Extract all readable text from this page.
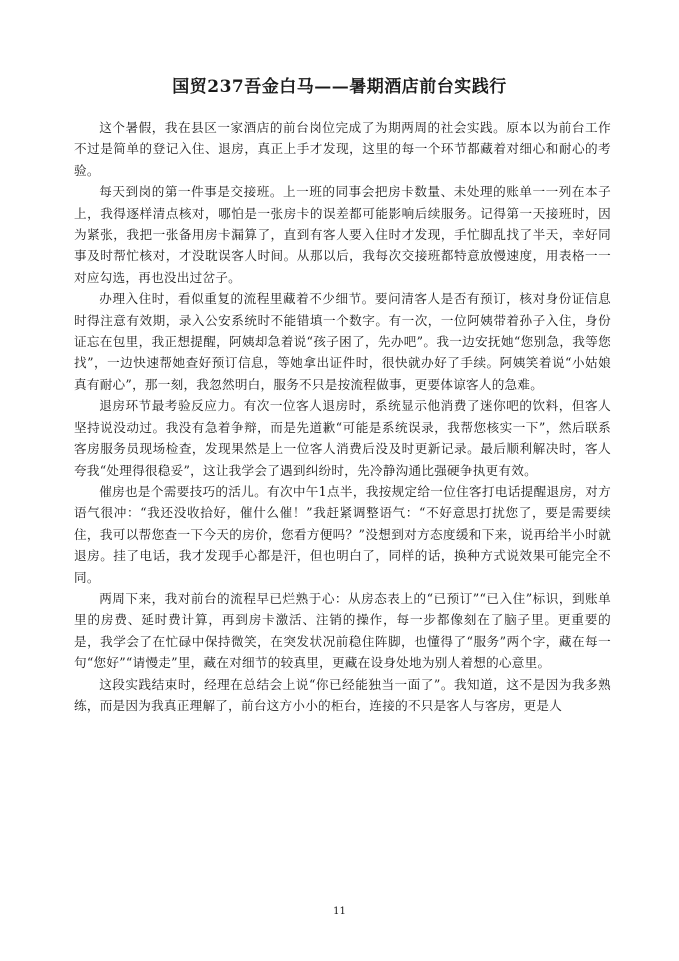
国贸237吾金白马——暑期酒店前台实践行

这个暑假，我在县区一家酒店的前台岗位完成了为期两周的社会实践。原本以为前台工作不过是简单的登记入住、退房，真正上手才发现，这里的每一个环节都藏着对细心和耐心的考验。

每天到岗的第一件事是交接班。上一班的同事会把房卡数量、未处理的账单一一列在本子上，我得逐样清点核对，哪怕是一张房卡的误差都可能影响后续服务。记得第一天接班时，因为紧张，我把一张备用房卡漏算了，直到有客人要入住时才发现，手忙脚乱找了半天，幸好同事及时帮忙核对，才没耽误客人时间。从那以后，我每次交接班都特意放慢速度，用表格一一对应勾选，再也没出过岔子。

办理入住时，看似重复的流程里藏着不少细节。要问清客人是否有预订，核对身份证信息时得注意有效期，录入公安系统时不能错填一个数字。有一次，一位阿姨带着孙子入住，身份证忘在包里，我正想提醒，阿姨却急着说“孩子困了，先办吧”。我一边安抚她“您别急，我等您找”，一边快速帮她查好预订信息，等她拿出证件时，很快就办好了手续。阿姨笑着说“小姑娘真有耐心”，那一刻，我忽然明白，服务不只是按流程做事，更要体谅客人的急难。

退房环节最考验反应力。有次一位客人退房时，系统显示他消费了迷你吧的饮料，但客人坚持说没动过。我没有急着争辩，而是先道歉“可能是系统误录，我帮您核实一下”，然后联系客房服务员现场检查，发现果然是上一位客人消费后没及时更新记录。最后顺利解决时，客人夸我“处理得很稳妥”，这让我学会了遇到纠纷时，先冷静沟通比强硬争执更有效。

催房也是个需要技巧的活儿。有次中午1点半，我按规定给一位住客打电话提醒退房，对方语气很冲：“我还没收拾好，催什么催！”我赶紧调整语气：“不好意思打扰您了，要是需要续住，我可以帮您查一下今天的房价，您看方便吗？”没想到对方态度缓和下来，说再给半小时就退房。挂了电话，我才发现手心都是汗，但也明白了，同样的话，换种方式说效果可能完全不同。

两周下来，我对前台的流程早已烂熟于心：从房态表上的“已预订”“已入住”标识，到账单里的房费、延时费计算，再到房卡激活、注销的操作，每一步都像刻在了脑子里。更重要的是，我学会了在忙碌中保持微笑，在突发状况前稳住阵脚，也懂得了“服务”两个字，藏在每一句“您好”“请慢走”里，藏在对细节的较真里，更藏在设身处地为别人着想的心意里。

这段实践结束时，经理在总结会上说“你已经能独当一面了”。我知道，这不是因为我多熟练，而是因为我真正理解了，前台这方小小的柜台，连接的不只是客人与客房，更是人

11
